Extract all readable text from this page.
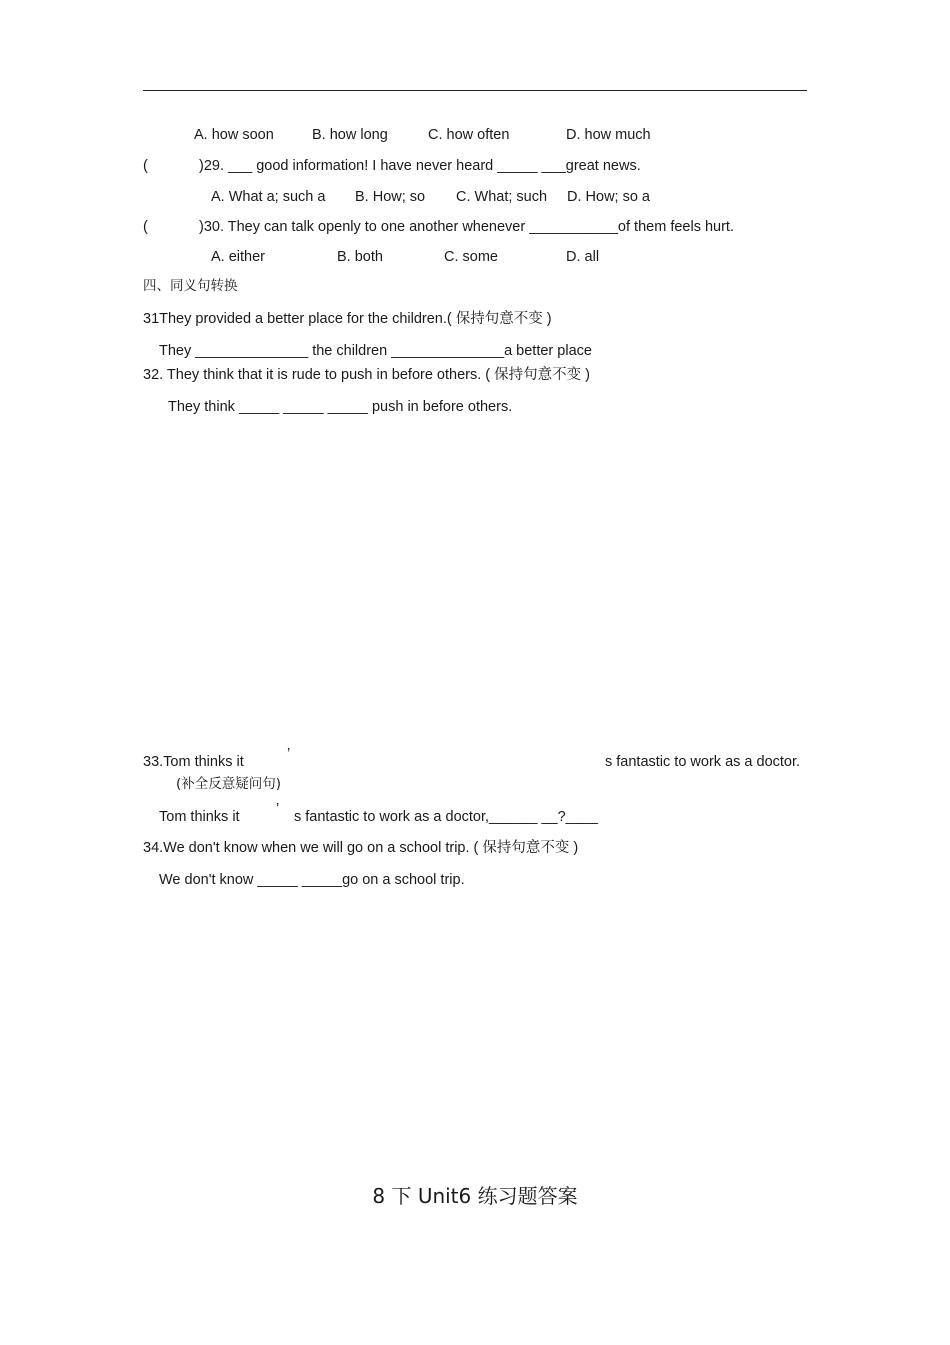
A. how soon	B. how long	C. how often	D. how much
(	)29. ___ good information! I have never heard _____ ___great news.
A. What a; such a B. How; so C. What; such D. How; so a
(	)30. They can talk openly to one another whenever ___________of them feels hurt.
A. either	B. both	C. some	D. all
四、同义句转换
31They provided a better place for the children.( 保持句意不变 )
They ______________ the children ______________a better place
32. They think that it is rude to push in before others. ( 保持句意不变 )
They think _____ _____ _____ push in before others.
33.Tom thinks it	’	s fantastic to work as a doctor.
(补全反意疑问句)
Tom thinks it	’ s fantastic to work as a doctor,______ __?____
34.We don't know when we will go on a school trip. ( 保持句意不变 )
We don't know _____ _____go on a school trip.
8 下 Unit6 练习题答案
